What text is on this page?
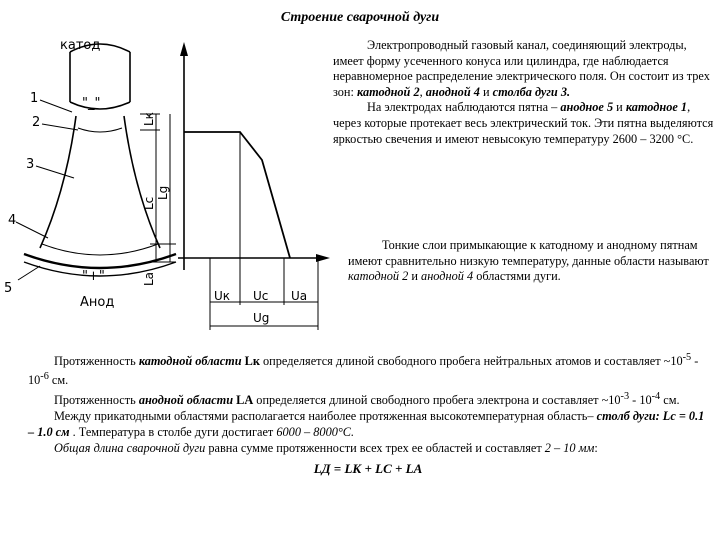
Строение сварочной дуги
катод
Анод
"_"
"+"
1
2
3
4
5
Lк
Lc
Lg
La
Uк Uc Ua
Ug

Электропроводный газовый канал, соединяющий электроды, имеет форму усеченного конуса или цилиндра, где наблюдается неравномерное распределение электрического поля. Он состоит из трех зон: катодной 2, анодной 4 и столба дуги 3.
На электродах наблюдаются пятна – анодное 5 и катодное 1, через которые протекает весь электрический ток. Эти пятна выделяются яркостью свечения и имеют невысокую температуру 2600 – 3200 °С.

Тонкие слои примыкающие к катодному и анодному пятнам имеют сравнительно низкую температуру, данные области называют катодной 2 и анодной 4 областями дуги.

Протяженность катодной области Lк определяется длиной свободного пробега нейтральных атомов и составляет $\sim 10^{-5} - 10^{-6}$ см.

Протяженность анодной области LА определяется длиной свободного пробега электрона и составляет $\sim 10^{-3} - 10^{-4}$ см.

Между прикатодными областями располагается наиболее протяженная высокотемпературная область– столб дуги: Lс = 0.1 – 1.0 см . Температура в столбе дуги достигает 6000 – 8000°С.

Общая длина сварочной дуги равна сумме протяженности всех трех ее областей и составляет 2 – 10 мм:

LД = LК + LС + LА
